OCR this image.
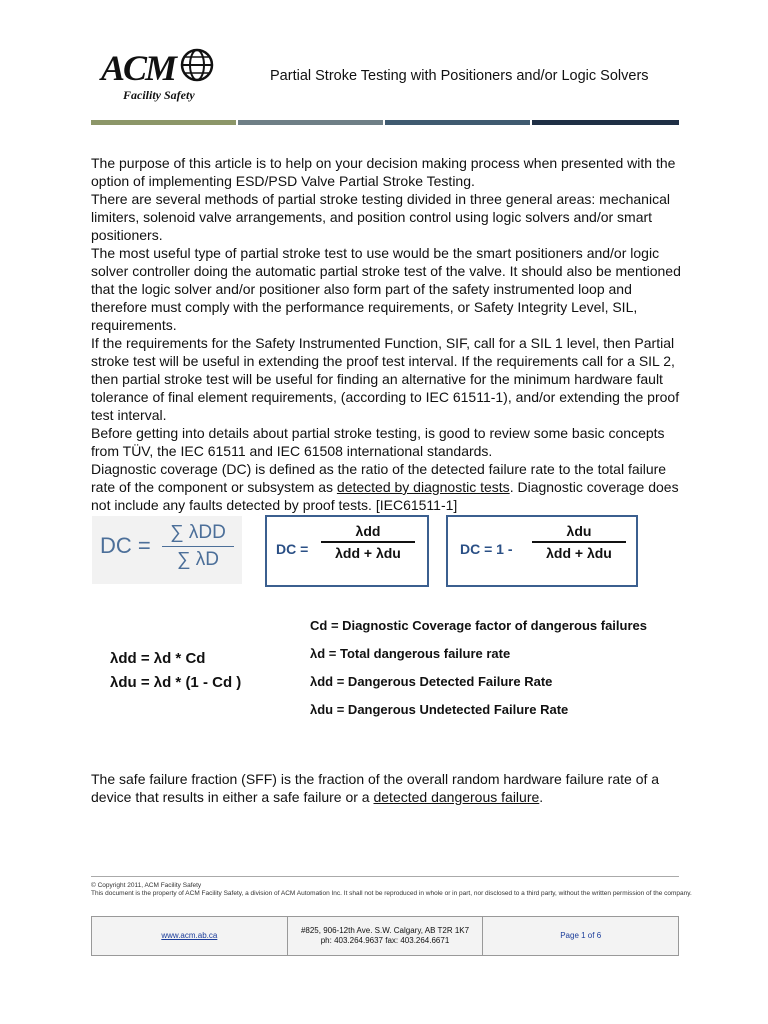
ACM
Facility Safety
Partial Stroke Testing with Positioners and/or Logic Solvers

The purpose of this article is to help on your decision making process when presented with the option of implementing ESD/PSD Valve Partial Stroke Testing.

There are several methods of partial stroke testing divided in three general areas: mechanical limiters, solenoid valve arrangements, and position control using logic solvers and/or smart positioners.

The most useful type of partial stroke test to use would be the smart positioners and/or logic solver controller doing the automatic partial stroke test of the valve. It should also be mentioned that the logic solver and/or positioner also form part of the safety instrumented loop and therefore must comply with the performance requirements, or Safety Integrity Level, SIL, requirements.

If the requirements for the Safety Instrumented Function, SIF, call for a SIL 1 level, then Partial stroke test will be useful in extending the proof test interval. If the requirements call for a SIL 2, then partial stroke test will be useful for finding an alternative for the minimum hardware fault tolerance of final element requirements, (according to IEC 61511-1), and/or extending the proof test interval.

Before getting into details about partial stroke testing, is good to review some basic concepts from TÜV, the IEC 61511 and IEC 61508 international standards.

Diagnostic coverage (DC) is defined as the ratio of the detected failure rate to the total failure rate of the component or subsystem as detected by diagnostic tests. Diagnostic coverage does not include any faults detected by proof tests. [IEC61511-1]

DC =
∑ λDD
∑ λD	DC =
λdd
λdd + λdu	DC = 1 -
λdu
λdd + λdu
λdd = λd * Cd
λdu = λd * (1 - Cd )
Cd = Diagnostic Coverage factor of dangerous failures
λd = Total dangerous failure rate
λdd = Dangerous Detected Failure Rate
λdu = Dangerous Undetected Failure Rate

The safe failure fraction (SFF) is the fraction of the overall random hardware failure rate of a device that results in either a safe failure or a detected dangerous failure.

© Copyright 2011, ACM Facility Safety
This document is the property of ACM Facility Safety, a division of ACM Automation Inc. It shall not be reproduced in whole or in part, nor disclosed to a third party, without the written permission of the company.
www.acm.ab.ca
#825, 906-12th Ave. S.W. Calgary, AB T2R 1K7
ph: 403.264.9637 fax: 403.264.6671
Page 1 of 6
